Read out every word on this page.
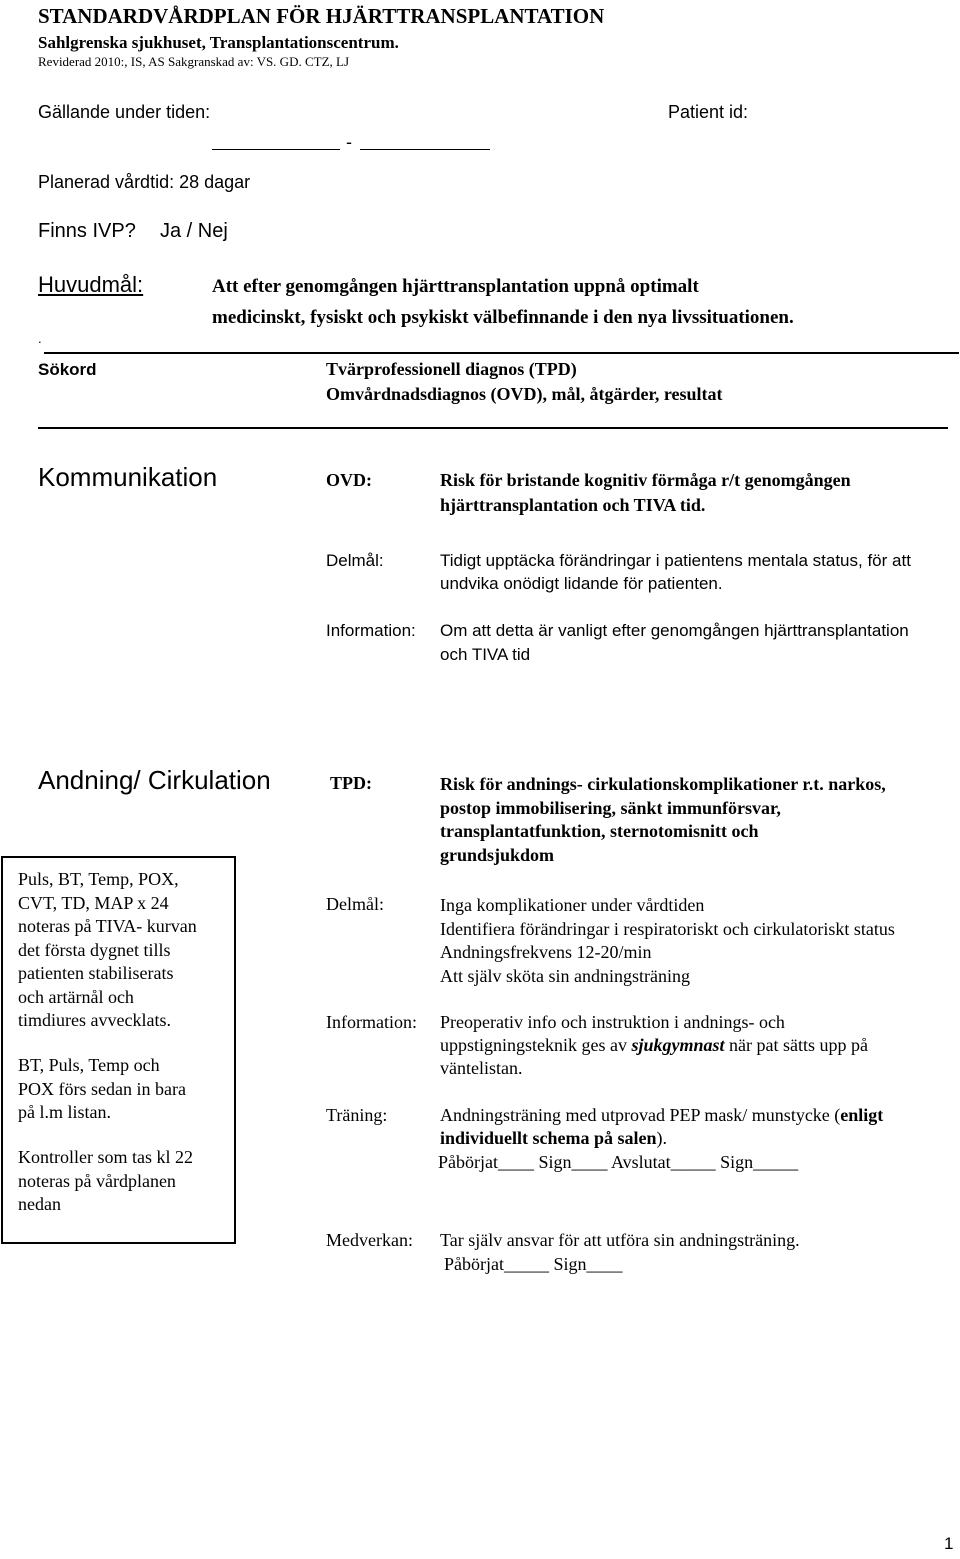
STANDARDVÅRDPLAN FÖR HJÄRTTRANSPLANTATION
Sahlgrenska sjukhuset, Transplantationscentrum.
Reviderad 2010:, IS, AS Sakgranskad av: VS. GD. CTZ, LJ
Gällande under tiden:	Patient id:
-
Planerad vårdtid: 28 dagar
Finns IVP? Ja / Nej
Huvudmål:	Att efter genomgången hjärttransplantation uppnå optimalt
medicinskt, fysiskt och psykiskt välbefinnande i den nya livssituationen.
.
Sökord	Tvärprofessionell diagnos (TPD)
Omvårdnadsdiagnos (OVD), mål, åtgärder, resultat
Kommunikation	OVD:	Risk för bristande kognitiv förmåga r/t genomgången
hjärttransplantation och TIVA tid.
Delmål:	Tidigt upptäcka förändringar i patientens mentala status, för att
undvika onödigt lidande för patienten.
Information: Om att detta är vanligt efter genomgången hjärttransplantation
och TIVA tid
Andning/ Cirkulation	TPD:	Risk för andnings- cirkulationskomplikationer r.t. narkos,
postop immobilisering, sänkt immunförsvar,
transplantatfunktion, sternotomisnitt och
grundsjukdom

Puls, BT, Temp, POX,
CVT, TD, MAP x 24
noteras på TIVA- kurvan
det första dygnet tills
patienten stabiliserats
och artärnål och
timdiures avvecklats.

BT, Puls, Temp och
POX förs sedan in bara
på l.m listan.

Kontroller som tas kl 22
noteras på vårdplanen
nedan

Delmål:	Inga komplikationer under vårdtiden
Identifiera förändringar i respiratoriskt och cirkulatoriskt status
Andningsfrekvens 12-20/min
Att själv sköta sin andningsträning
Information: Preoperativ info och instruktion i andnings- och
uppstigningsteknik ges av sjukgymnast när pat sätts upp på
väntelistan.
Träning:	Andningsträning med utprovad PEP mask/ munstycke (enligt
individuellt schema på salen).
Påbörjat____ Sign____ Avslutat_____ Sign_____
Medverkan: Tar själv ansvar för att utföra sin andningsträning.
Påbörjat_____ Sign____
1
